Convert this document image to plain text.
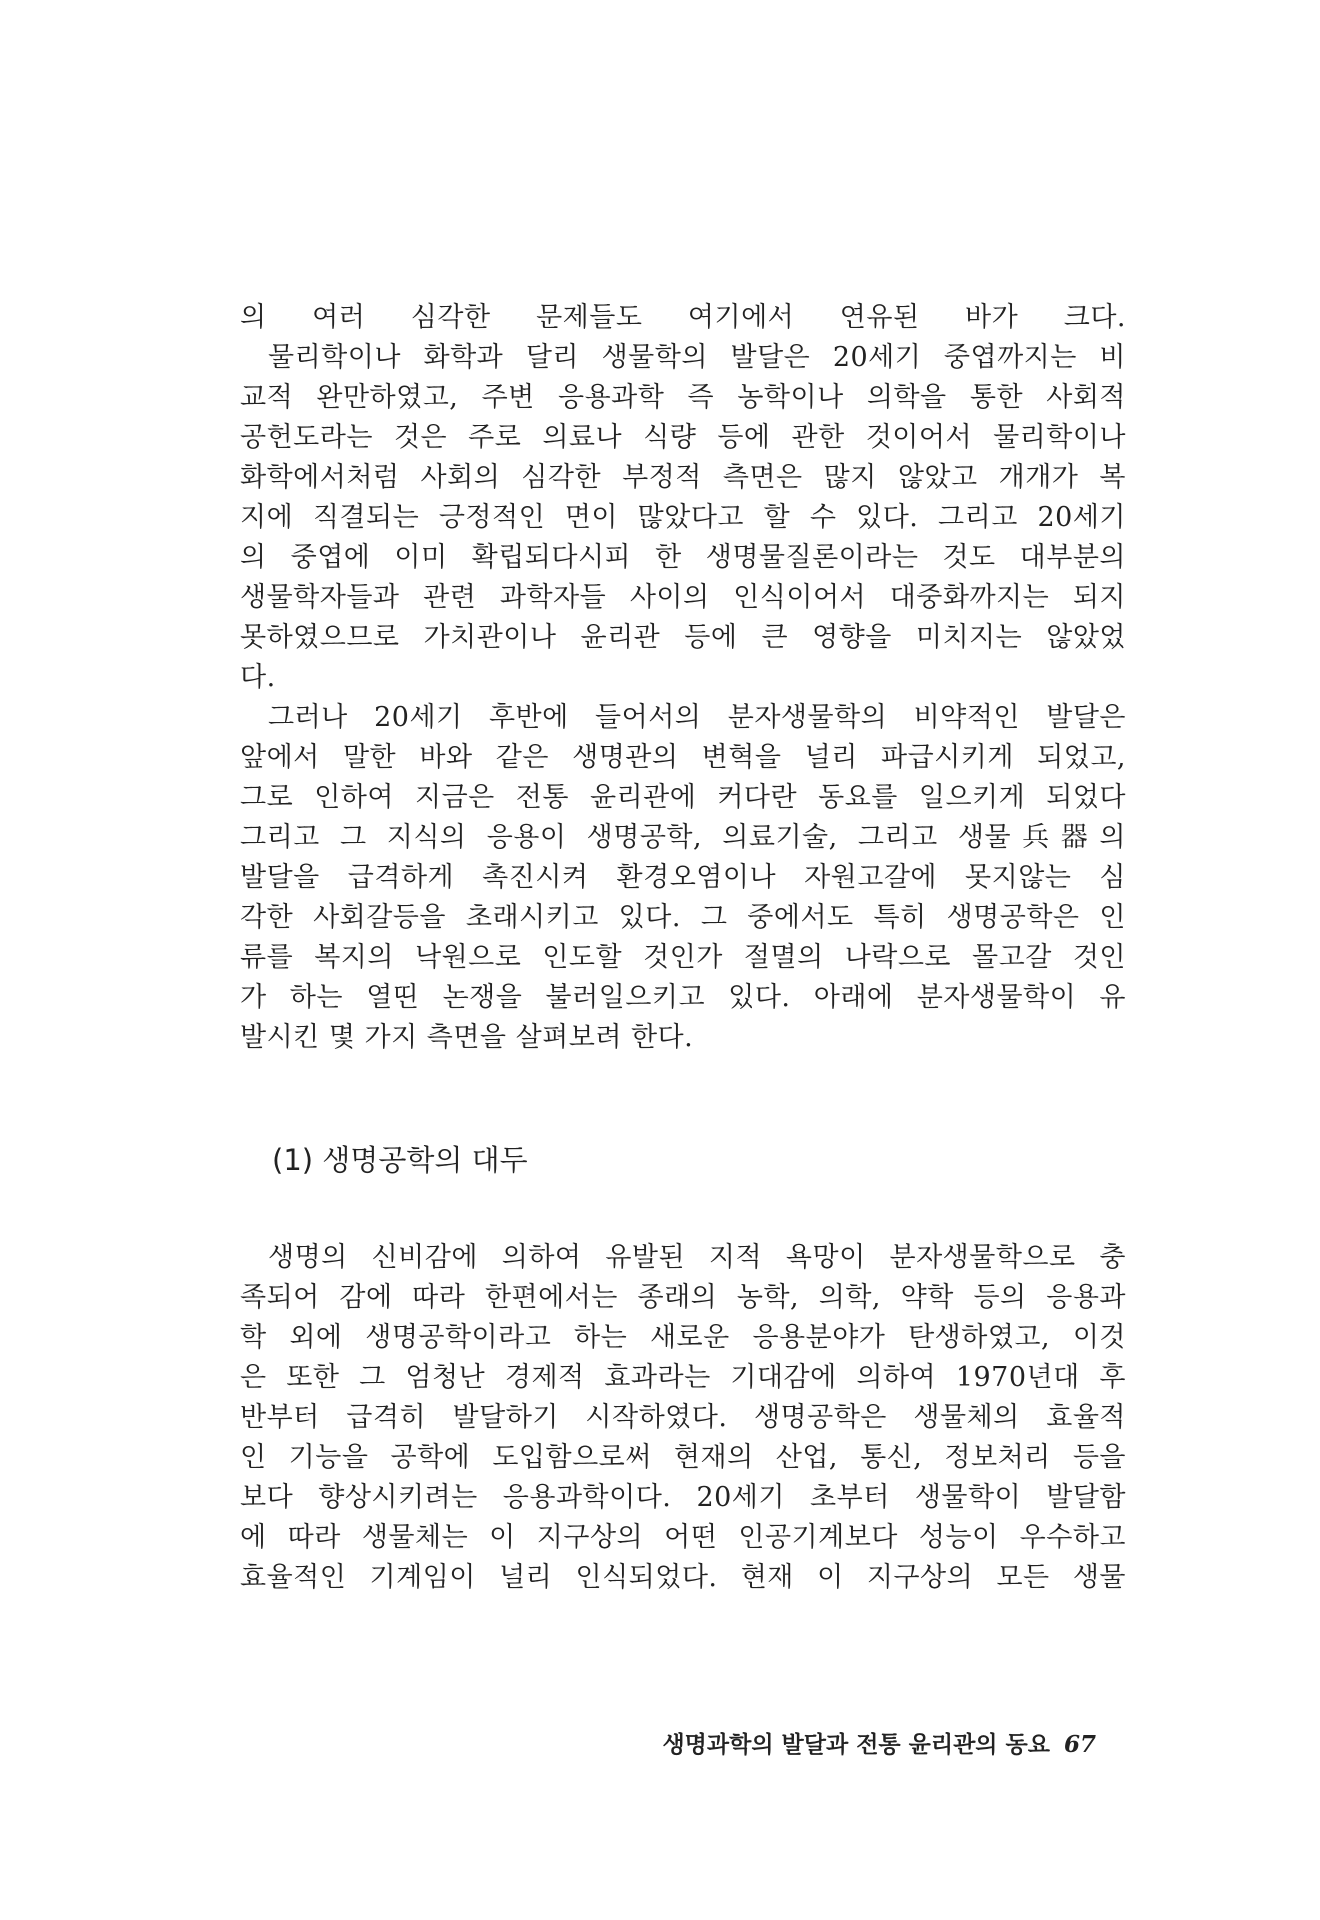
의 여러 심각한 문제들도 여기에서 연유된 바가 크다.
물리학이나 화학과 달리 생물학의 발달은 20세기 중엽까지는 비
교적 완만하였고, 주변 응용과학 즉 농학이나 의학을 통한 사회적
공헌도라는 것은 주로 의료나 식량 등에 관한 것이어서 물리학이나
화학에서처럼 사회의 심각한 부정적 측면은 많지 않았고 개개가 복
지에 직결되는 긍정적인 면이 많았다고 할 수 있다. 그리고 20세기
의 중엽에 이미 확립되다시피 한 생명물질론이라는 것도 대부분의
생물학자들과 관련 과학자들 사이의 인식이어서 대중화까지는 되지
못하였으므로 가치관이나 윤리관 등에 큰 영향을 미치지는 않았었
다.
그러나 20세기 후반에 들어서의 분자생물학의 비약적인 발달은
앞에서 말한 바와 같은 생명관의 변혁을 널리 파급시키게 되었고,
그로 인하여 지금은 전통 윤리관에 커다란 동요를 일으키게 되었다
그리고 그 지식의 응용이 생명공학, 의료기술, 그리고 생물兵器의
발달을 급격하게 촉진시켜 환경오염이나 자원고갈에 못지않는 심
각한 사회갈등을 초래시키고 있다. 그 중에서도 특히 생명공학은 인
류를 복지의 낙원으로 인도할 것인가 절멸의 나락으로 몰고갈 것인
가 하는 열띤 논쟁을 불러일으키고 있다. 아래에 분자생물학이 유
발시킨 몇 가지 측면을 살펴보려 한다.
(1) 생명공학의 대두
생명의 신비감에 의하여 유발된 지적 욕망이 분자생물학으로 충
족되어 감에 따라 한편에서는 종래의 농학, 의학, 약학 등의 응용과
학 외에 생명공학이라고 하는 새로운 응용분야가 탄생하였고, 이것
은 또한 그 엄청난 경제적 효과라는 기대감에 의하여 1970년대 후
반부터 급격히 발달하기 시작하였다. 생명공학은 생물체의 효율적
인 기능을 공학에 도입함으로써 현재의 산업, 통신, 정보처리 등을
보다 향상시키려는 응용과학이다. 20세기 초부터 생물학이 발달함
에 따라 생물체는 이 지구상의 어떤 인공기계보다 성능이 우수하고
효율적인 기계임이 널리 인식되었다. 현재 이 지구상의 모든 생물
생명과학의 발달과 전통 윤리관의 동요 67
